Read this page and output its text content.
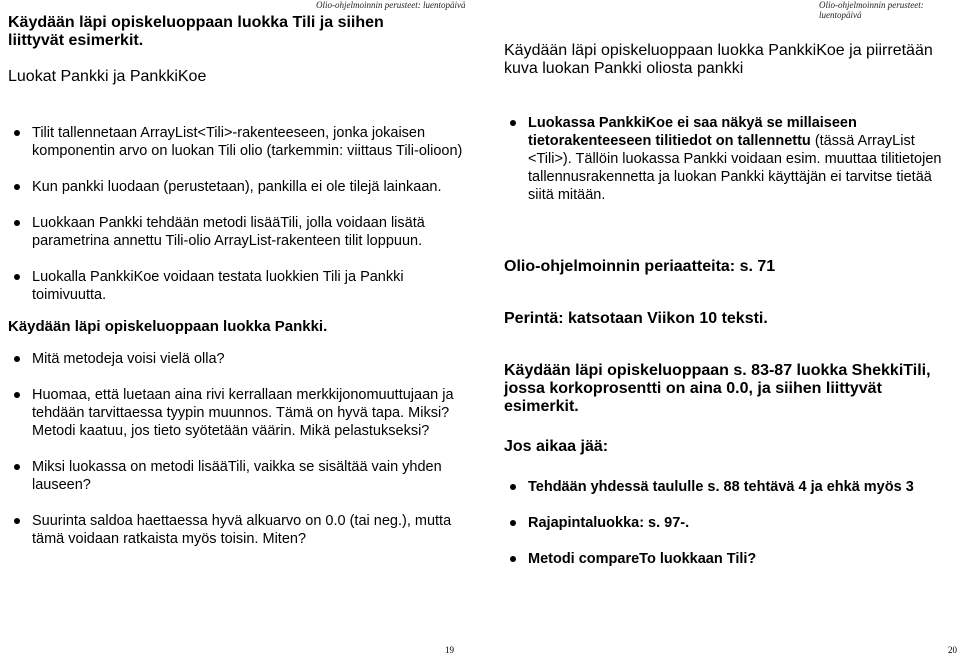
Olio-ohjelmoinnin perusteet: luentopäivä	Olio-ohjelmoinnin perusteet: luentopäivä
Käydään läpi opiskeluoppaan luokka Tili ja siihen liittyvät esimerkit.
Luokat Pankki ja PankkiKoe
Tilit tallennetaan ArrayList<Tili>-rakenteeseen, jonka jokaisen komponentin arvo on luokan Tili olio (tarkemmin: viittaus Tili-olioon)
Kun pankki luodaan (perustetaan), pankilla ei ole tilejä lainkaan.
Luokkaan Pankki tehdään metodi lisääTili, jolla voidaan lisätä parametrina annettu Tili-olio ArrayList-rakenteen tilit loppuun.
Luokalla PankkiKoe voidaan testata luokkien Tili ja Pankki toimivuutta.
Käydään läpi opiskeluoppaan luokka Pankki.
Mitä metodeja voisi vielä olla?
Huomaa, että luetaan aina rivi kerrallaan merkkijonomuuttujaan ja tehdään tarvittaessa tyypin muunnos. Tämä on hyvä tapa. Miksi? Metodi kaatuu, jos tieto syötetään väärin. Mikä pelastukseksi?
Miksi luokassa on metodi lisääTili, vaikka se sisältää vain yhden lauseen?
Suurinta saldoa haettaessa hyvä alkuarvo on 0.0 (tai neg.), mutta tämä voidaan ratkaista myös toisin. Miten?
Käydään läpi opiskeluoppaan luokka PankkiKoe ja piirretään kuva luokan Pankki oliosta pankki
Luokassa PankkiKoe ei saa näkyä se millaiseen tietorakenteeseen tilitiedot on tallennettu (tässä ArrayList <Tili>). Tällöin luokassa Pankki voidaan esim. muuttaa tilitietojen tallennusrakennetta ja luokan Pankki käyttäjän ei tarvitse tietää siitä mitään.
Olio-ohjelmoinnin periaatteita: s. 71
Perintä: katsotaan Viikon 10 teksti.
Käydään läpi opiskeluoppaan s. 83-87 luokka ShekkiTili, jossa korkoprosentti on aina 0.0, ja siihen liittyvät esimerkit.
Jos aikaa jää:
Tehdään yhdessä taululle s. 88 tehtävä 4 ja ehkä myös 3
Rajapintaluokka: s. 97-.
Metodi compareTo luokkaan Tili?
19	20
